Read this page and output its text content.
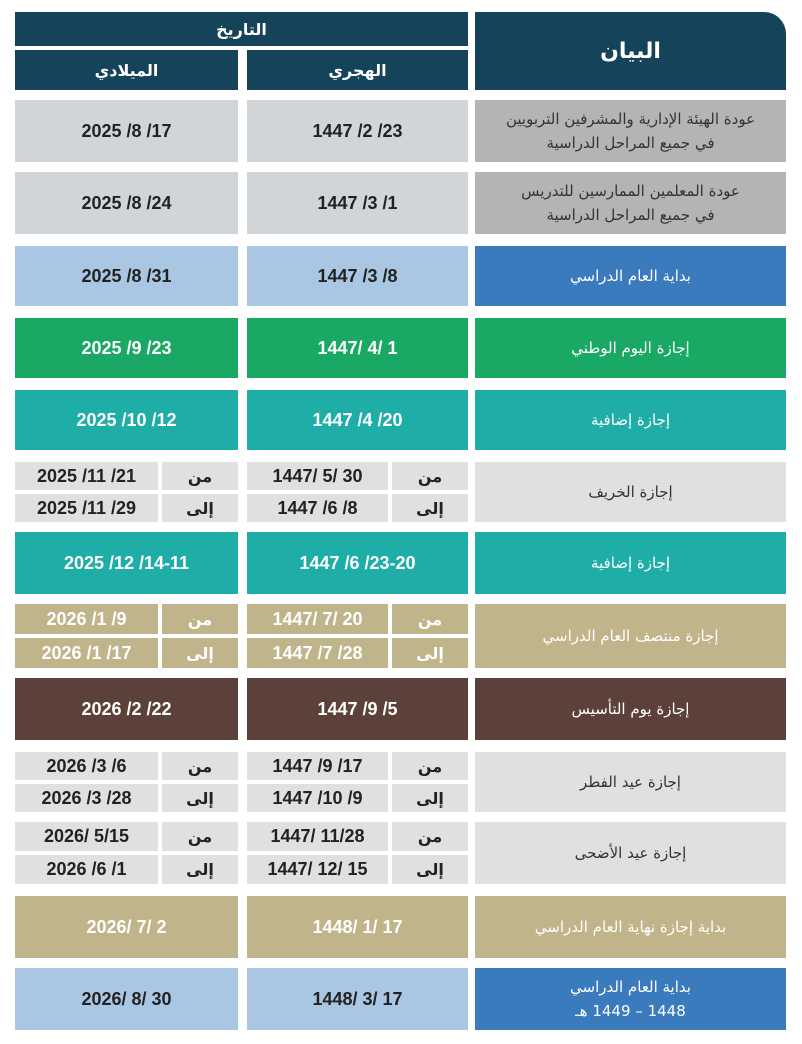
البيان
التاريخ
الهجري
الميلادي
عودة الهيئة الإدارية والمشرفين التربويين
في جميع المراحل الدراسية
1447 /2 /23
2025 /8 /17
عودة المعلمين الممارسين للتدريس
في جميع المراحل الدراسية
1447 /3 /1
2025 /8 /24
بداية العام الدراسي
1447 /3 /8
2025 /8 /31
إجازة اليوم الوطني
1447/ 4/ 1
2025 /9 /23
إجازة إضافية
1447 /4 /20
2025 /10 /12
إجازة الخريف
من
1447/ 5/ 30
من
2025 /11 /21
إلى
1447 /6 /8
إلى
2025 /11 /29
إجازة إضافية
1447 /6 /23-20
2025 /12 /14-11
إجازة منتصف العام الدراسي
من
1447/ 7/ 20
من
2026 /1 /9
إلى
1447 /7 /28
إلى
2026 /1 /17
إجازة يوم التأسيس
1447 /9 /5
2026 /2 /22
إجازة عيد الفطر
من
1447 /9 /17
من
2026 /3 /6
إلى
1447 /10 /9
إلى
2026 /3 /28
إجازة عيد الأضحى
من
1447/ 11/28
من
2026/ 5/15
إلى
1447/ 12/ 15
إلى
2026 /6 /1
بداية إجازة نهاية العام الدراسي
1448/ 1/ 17
2026/ 7/ 2
بداية العام الدراسي
1448 – 1449 هـ
1448/ 3/ 17
2026/ 8/ 30
